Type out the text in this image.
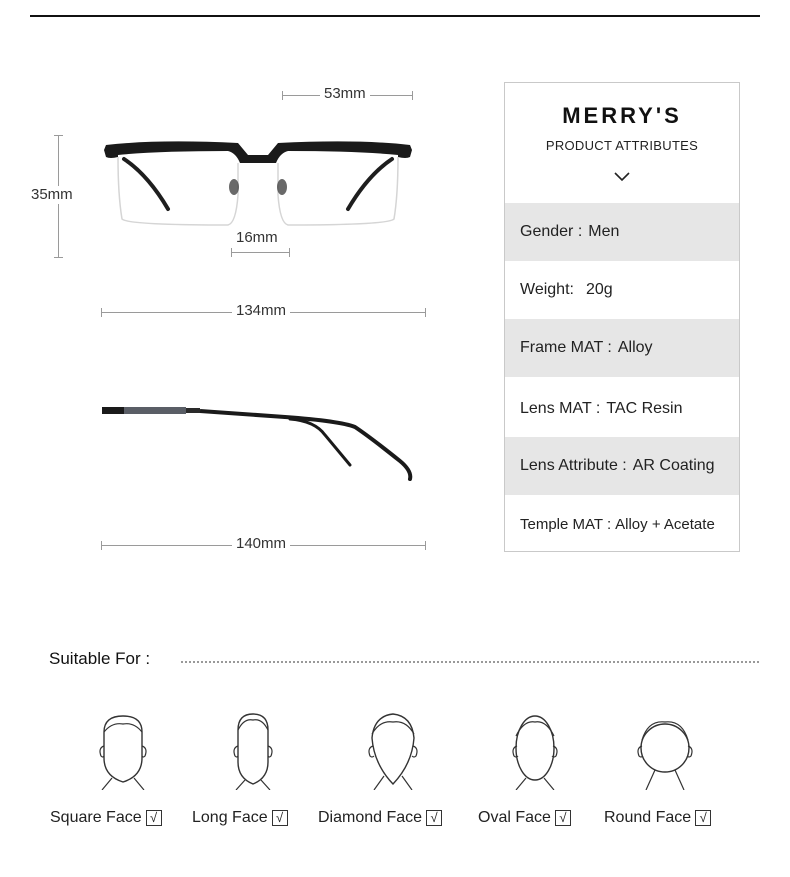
53mm
35mm
16mm
134mm
140mm
MERRY'S
PRODUCT ATTRIBUTES
Gender : Men
Weight: 20g
Frame MAT : Alloy
Lens MAT : TAC Resin
Lens Attribute : AR Coating
Temple MAT : Alloy + Acetate
Suitable For :
Square Face √ Long Face √ Diamond Face √	Oval Face √ Round Face √
